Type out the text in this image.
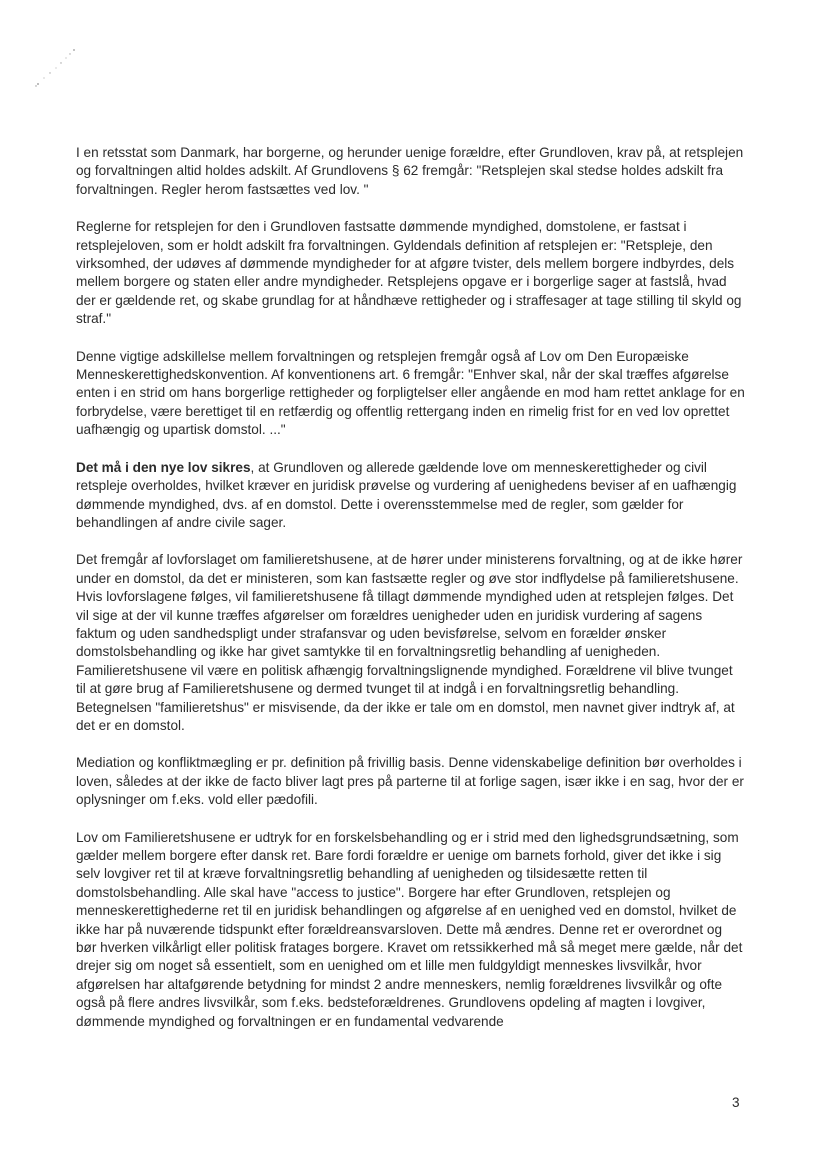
I en retsstat som Danmark, har borgerne, og herunder uenige forældre, efter Grundloven, krav på, at retsplejen og forvaltningen altid holdes adskilt. Af Grundlovens § 62 fremgår: "Retsplejen skal stedse holdes adskilt fra forvaltningen. Regler herom fastsættes ved lov. "

Reglerne for retsplejen for den i Grundloven fastsatte dømmende myndighed, domstolene, er fastsat i retsplejeloven, som er holdt adskilt fra forvaltningen. Gyldendals definition af retsplejen er: "Retspleje, den virksomhed, der udøves af dømmende myndigheder for at afgøre tvister, dels mellem borgere indbyrdes, dels mellem borgere og staten eller andre myndigheder. Retsplejens opgave er i borgerlige sager at fastslå, hvad der er gældende ret, og skabe grundlag for at håndhæve rettigheder og i straffesager at tage stilling til skyld og straf."

Denne vigtige adskillelse mellem forvaltningen og retsplejen fremgår også af Lov om Den Europæiske Menneskerettighedskonvention. Af konventionens art. 6 fremgår: "Enhver skal, når der skal træffes afgørelse enten i en strid om hans borgerlige rettigheder og forpligtelser eller angående en mod ham rettet anklage for en forbrydelse, være berettiget til en retfærdig og offentlig rettergang inden en rimelig frist for en ved lov oprettet uafhængig og upartisk domstol. ..."

Det må i den nye lov sikres, at Grundloven og allerede gældende love om menneskerettigheder og civil retspleje overholdes, hvilket kræver en juridisk prøvelse og vurdering af uenighedens beviser af en uafhængig dømmende myndighed, dvs. af en domstol. Dette i overensstemmelse med de regler, som gælder for behandlingen af andre civile sager.

Det fremgår af lovforslaget om familieretshusene, at de hører under ministerens forvaltning, og at de ikke hører under en domstol, da det er ministeren, som kan fastsætte regler og øve stor indflydelse på familieretshusene. Hvis lovforslagene følges, vil familieretshusene få tillagt dømmende myndighed uden at retsplejen følges. Det vil sige at der vil kunne træffes afgørelser om forældres uenigheder uden en juridisk vurdering af sagens faktum og uden sandhedspligt under strafansvar og uden bevisførelse, selvom en forælder ønsker domstolsbehandling og ikke har givet samtykke til en forvaltningsretlig behandling af uenigheden. Familieretshusene vil være en politisk afhængig forvaltningslignende myndighed. Forældrene vil blive tvunget til at gøre brug af Familieretshusene og dermed tvunget til at indgå i en forvaltningsretlig behandling. Betegnelsen "familieretshus" er misvisende, da der ikke er tale om en domstol, men navnet giver indtryk af, at det er en domstol.

Mediation og konfliktmægling er pr. definition på frivillig basis. Denne videnskabelige definition bør overholdes i loven, således at der ikke de facto bliver lagt pres på parterne til at forlige sagen, især ikke i en sag, hvor der er oplysninger om f.eks. vold eller pædofili.

Lov om Familieretshusene er udtryk for en forskelsbehandling og er i strid med den lighedsgrundsætning, som gælder mellem borgere efter dansk ret. Bare fordi forældre er uenige om barnets forhold, giver det ikke i sig selv lovgiver ret til at kræve forvaltningsretlig behandling af uenigheden og tilsidesætte retten til domstolsbehandling. Alle skal have "access to justice". Borgere har efter Grundloven, retsplejen og menneskerettighederne ret til en juridisk behandlingen og afgørelse af en uenighed ved en domstol, hvilket de ikke har på nuværende tidspunkt efter forældreansvarsloven. Dette må ændres. Denne ret er overordnet og bør hverken vilkårligt eller politisk fratages borgere. Kravet om retssikkerhed må så meget mere gælde, når det drejer sig om noget så essentielt, som en uenighed om et lille men fuldgyldigt menneskes livsvilkår, hvor afgørelsen har altafgørende betydning for mindst 2 andre menneskers, nemlig forældrenes livsvilkår og ofte også på flere andres livsvilkår, som f.eks. bedsteforældrenes. Grundlovens opdeling af magten i lovgiver, dømmende myndighed og forvaltningen er en fundamental vedvarende

3
